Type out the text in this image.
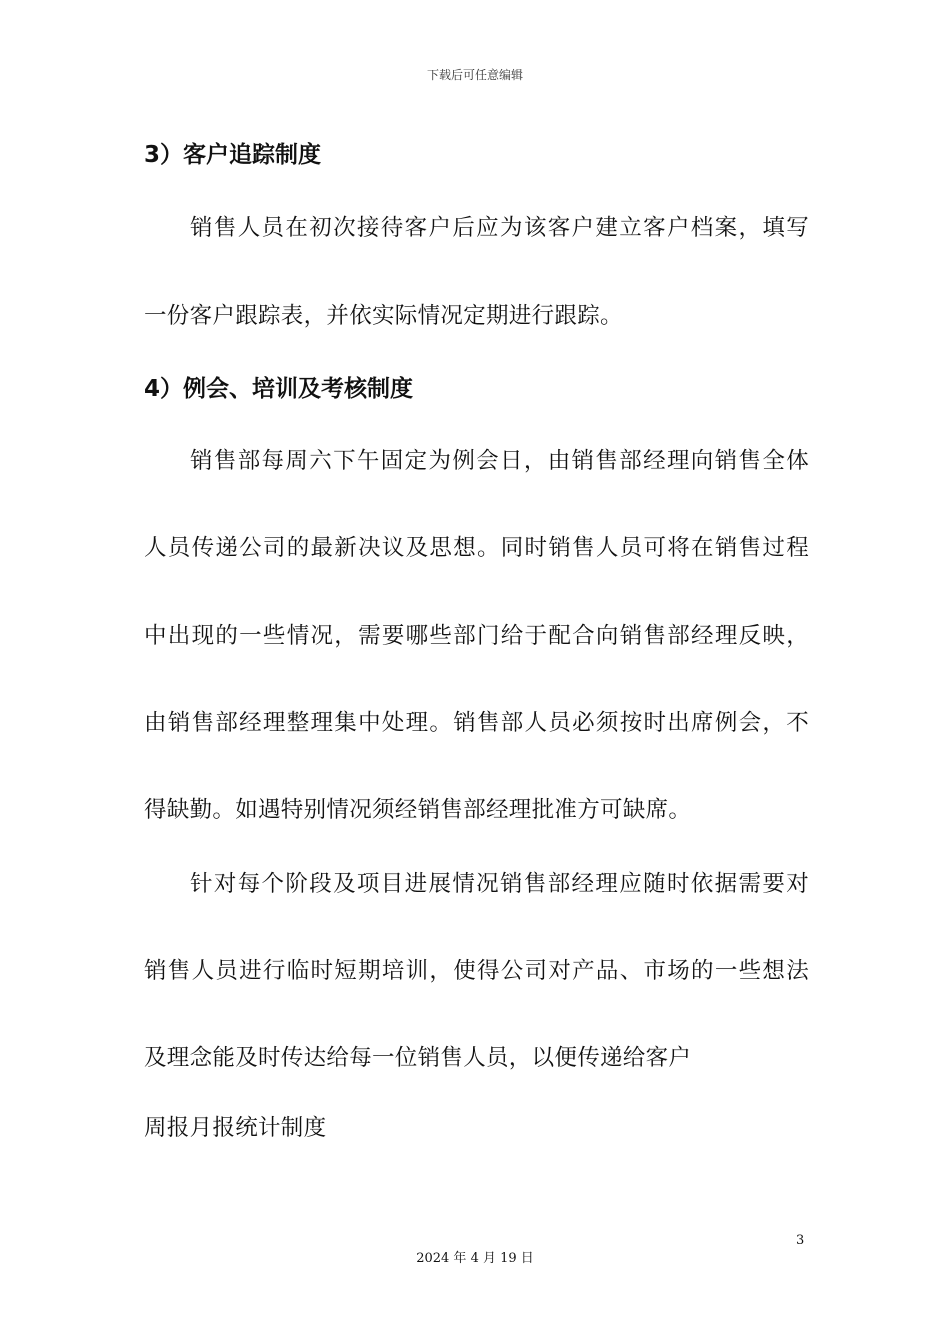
下载后可任意编辑
3）客户追踪制度
销售人员在初次接待客户后应为该客户建立客户档案，填写
一份客户跟踪表，并依实际情况定期进行跟踪。
4）例会、培训及考核制度
销售部每周六下午固定为例会日，由销售部经理向销售全体
人员传递公司的最新决议及思想。同时销售人员可将在销售过程
中出现的一些情况，需要哪些部门给于配合向销售部经理反映，
由销售部经理整理集中处理。销售部人员必须按时出席例会，不
得缺勤。如遇特别情况须经销售部经理批准方可缺席。
针对每个阶段及项目进展情况销售部经理应随时依据需要对
销售人员进行临时短期培训，使得公司对产品、市场的一些想法
及理念能及时传达给每一位销售人员，以便传递给客户
周报月报统计制度
3
2024 年 4 月 19 日
